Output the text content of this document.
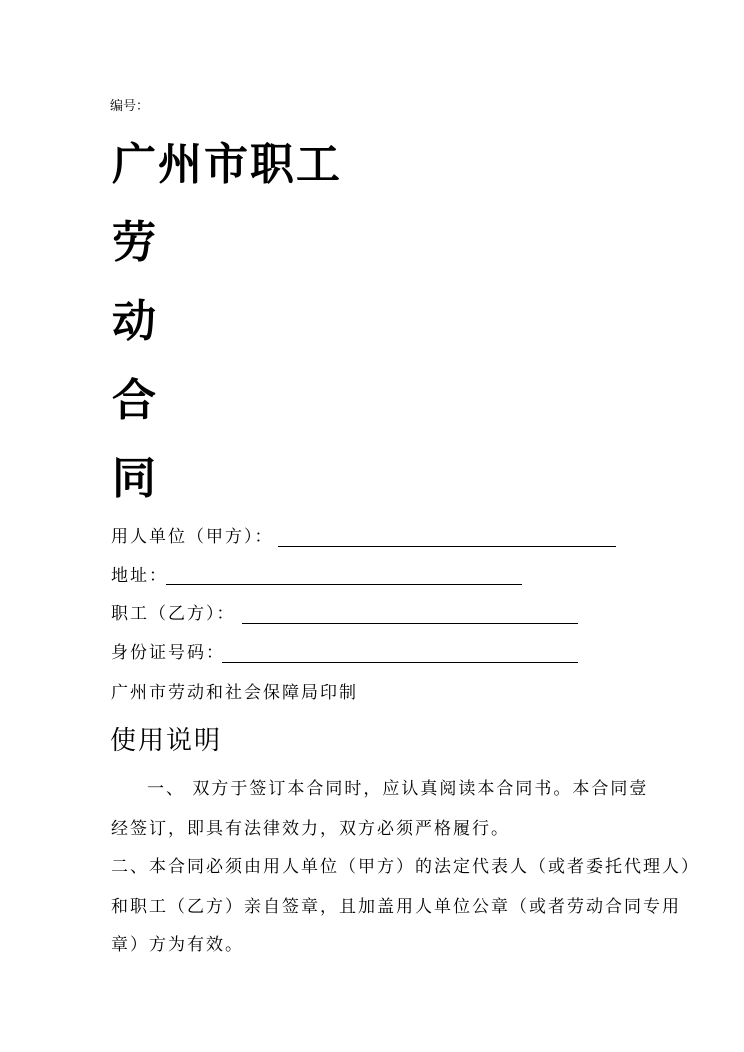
编号：
广州市职工
劳
动
合
同
用人单位（甲方）：
地址：
职工（乙方）：
身份证号码：
广州市劳动和社会保障局印制
使用说明
一、 双方于签订本合同时，应认真阅读本合同书。本合同壹
经签订，即具有法律效力，双方必须严格履行。
二、本合同必须由用人单位（甲方）的法定代表人（或者委托代理人）
和职工（乙方）亲自签章，且加盖用人单位公章（或者劳动合同专用
章）方为有效。
